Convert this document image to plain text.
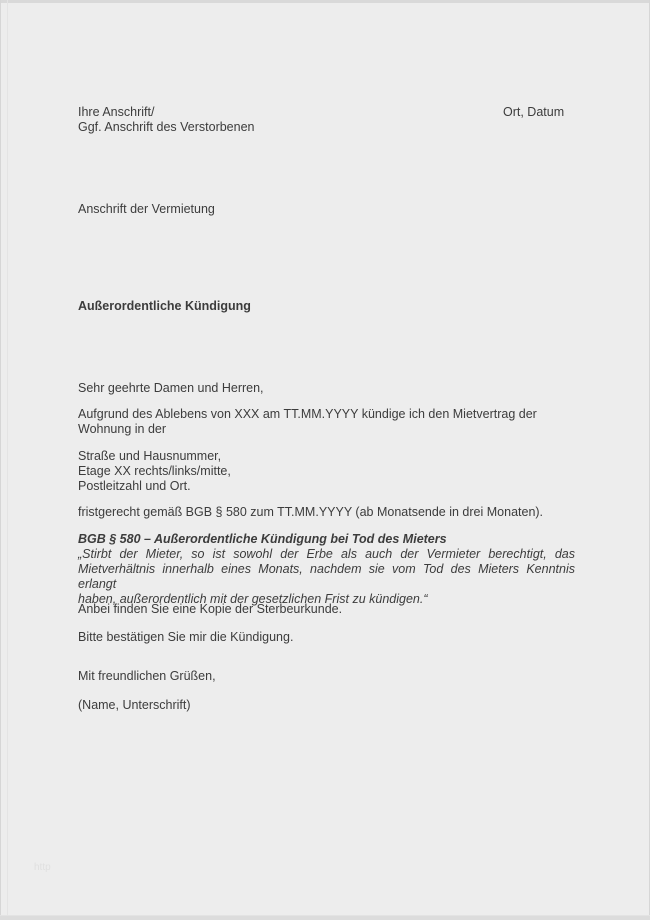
Ihre Anschrift/
Ggf. Anschrift des Verstorbenen
Ort, Datum
Anschrift der Vermietung
Außerordentliche Kündigung
Sehr geehrte Damen und Herren,
Aufgrund des Ablebens von XXX am TT.MM.YYYY kündige ich den Mietvertrag der
Wohnung in der
Straße und Hausnummer,
Etage XX rechts/links/mitte,
Postleitzahl und Ort.
fristgerecht gemäß BGB § 580 zum TT.MM.YYYY (ab Monatsende in drei Monaten).
BGB § 580 – Außerordentliche Kündigung bei Tod des Mieters
„Stirbt der Mieter, so ist sowohl der Erbe als auch der Vermieter berechtigt, das
Mietverhältnis innerhalb eines Monats, nachdem sie vom Tod des Mieters Kenntnis erlangt
haben, außerordentlich mit der gesetzlichen Frist zu kündigen.“
Anbei finden Sie eine Kopie der Sterbeurkunde.
Bitte bestätigen Sie mir die Kündigung.
Mit freundlichen Grüßen,
(Name, Unterschrift)
http
